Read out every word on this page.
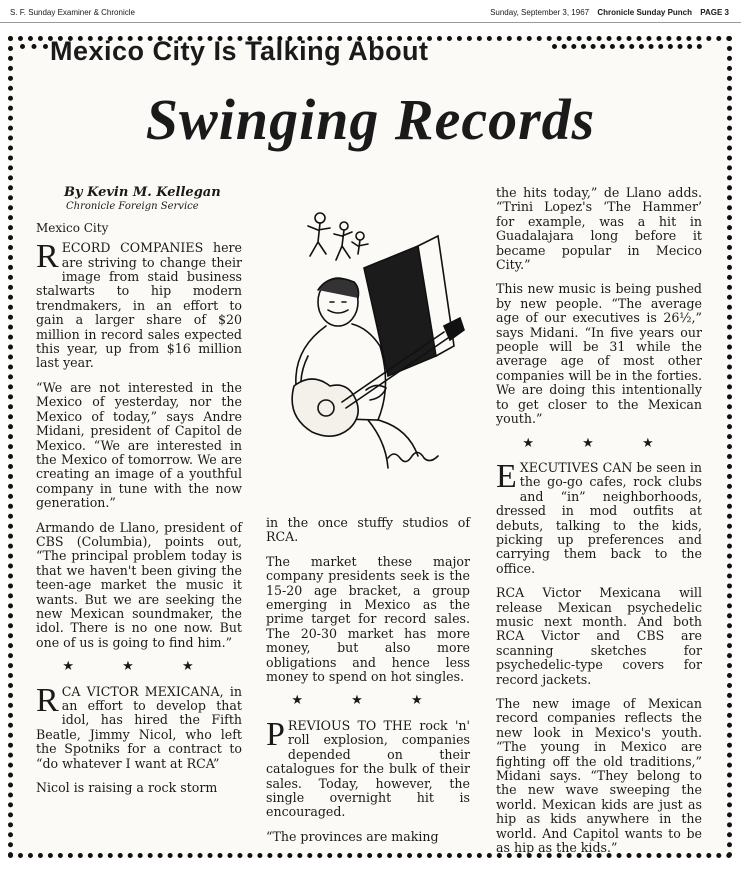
S. F. Sunday Examiner & Chronicle	Sunday, September 3, 1967 Chronicle Sunday Punch PAGE 3
Mexico City Is Talking About
Swinging Records
By Kevin M. Kellegan
Chronicle Foreign Service
Mexico City

RECORD COMPANIES here are striving to change their image from staid business stalwarts to hip modern trendmakers, in an effort to gain a larger share of $20 million in record sales expected this year, up from $16 million last year.

“We are not interested in the Mexico of yesterday, nor the Mexico of today,” says Andre Midani, president of Capitol de Mexico. “We are interested in the Mexico of tomorrow. We are creating an image of a youthful company in tune with the now generation.”

Armando de Llano, president of CBS (Columbia), points out, “The principal problem today is that we haven't been giving the teen-age market the music it wants. But we are seeking the new Mexican soundmaker, the idol. There is no one now. But one of us is going to find him.”

★ ★ ★

RCA VICTOR MEXICANA, in an effort to develop that idol, has hired the Fifth Beatle, Jimmy Nicol, who left the Spotniks for a contract to “do whatever I want at RCA”

Nicol is raising a rock storm

in the once stuffy studios of RCA.

The market these major company presidents seek is the 15-20 age bracket, a group emerging in Mexico as the prime target for record sales. The 20-30 market has more money, but also more obligations and hence less money to spend on hot singles.

★ ★ ★

PREVIOUS TO THE rock 'n' roll explosion, companies depended on their catalogues for the bulk of their sales. Today, however, the single overnight hit is encouraged.

“The provinces are making

the hits today,” de Llano adds. “Trini Lopez's ‘The Hammer’ for example, was a hit in Guadalajara long before it became popular in Mecico City.”

This new music is being pushed by new people. “The average age of our executives is 26½,” says Midani. “In five years our people will be 31 while the average age of most other companies will be in the forties. We are doing this intentionally to get closer to the Mexican youth.”

★ ★ ★

EXECUTIVES CAN be seen in the go-go cafes, rock clubs and “in” neighborhoods, dressed in mod outfits at debuts, talking to the kids, picking up preferences and carrying them back to the office.

RCA Victor Mexicana will release Mexican psychedelic music next month. And both RCA Victor and CBS are scanning sketches for psychedelic-type covers for record jackets.

The new image of Mexican record companies reflects the new look in Mexico's youth. “The young in Mexico are fighting off the old traditions,” Midani says. “They belong to the new wave sweeping the world. Mexican kids are just as hip as kids anywhere in the world. And Capitol wants to be as hip as the kids.”
